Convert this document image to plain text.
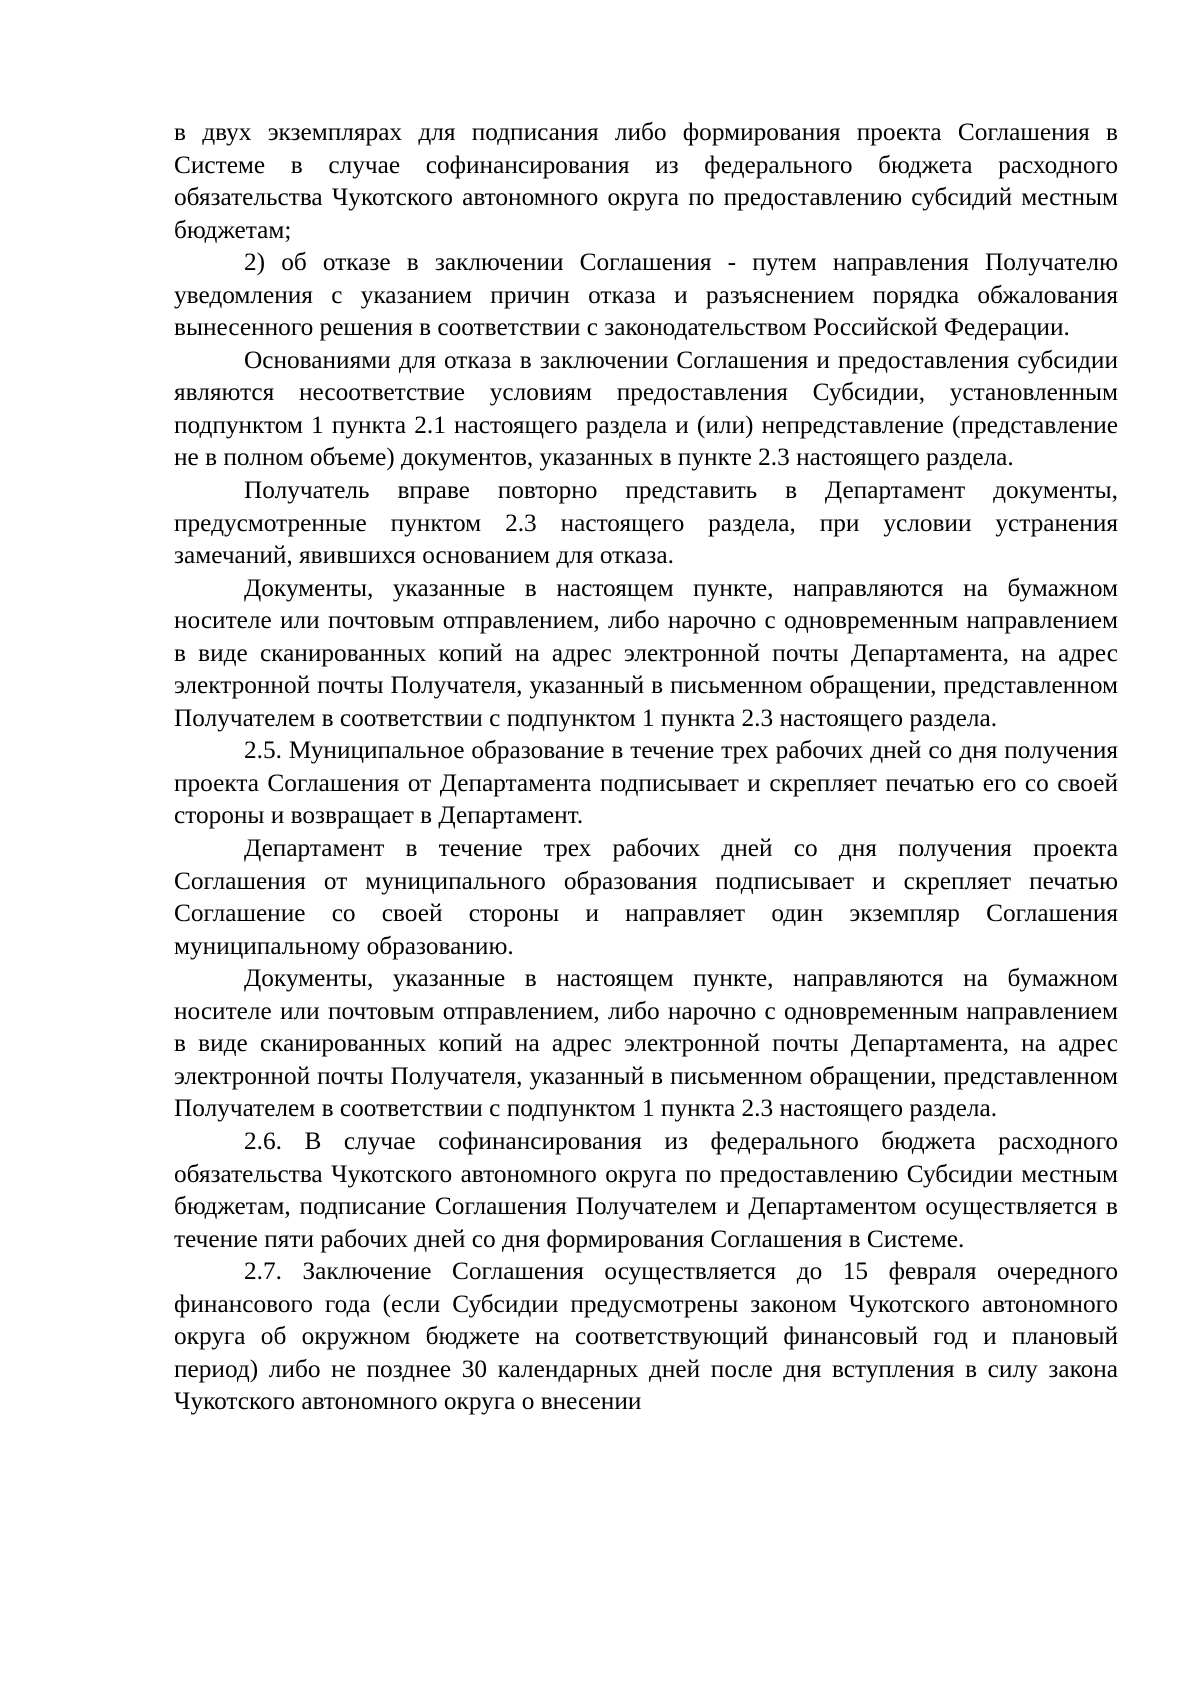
в двух экземплярах для подписания либо формирования проекта Соглашения в Системе в случае софинансирования из федерального бюджета расходного обязательства Чукотского автономного округа по предоставлению субсидий местным бюджетам;

2) об отказе в заключении Соглашения - путем направления Получателю уведомления с указанием причин отказа и разъяснением порядка обжалования вынесенного решения в соответствии с законодательством Российской Федерации.

Основаниями для отказа в заключении Соглашения и предоставления субсидии являются несоответствие условиям предоставления Субсидии, установленным подпунктом 1 пункта 2.1 настоящего раздела и (или) непредставление (представление не в полном объеме) документов, указанных в пункте 2.3 настоящего раздела.

Получатель вправе повторно представить в Департамент документы, предусмотренные пунктом 2.3 настоящего раздела, при условии устранения замечаний, явившихся основанием для отказа.

Документы, указанные в настоящем пункте, направляются на бумажном носителе или почтовым отправлением, либо нарочно с одновременным направлением в виде сканированных копий на адрес электронной почты Департамента, на адрес электронной почты Получателя, указанный в письменном обращении, представленном Получателем в соответствии с подпунктом 1 пункта 2.3 настоящего раздела.

2.5. Муниципальное образование в течение трех рабочих дней со дня получения проекта Соглашения от Департамента подписывает и скрепляет печатью его со своей стороны и возвращает в Департамент.

Департамент в течение трех рабочих дней со дня получения проекта Соглашения от муниципального образования подписывает и скрепляет печатью Соглашение со своей стороны и направляет один экземпляр Соглашения муниципальному образованию.

Документы, указанные в настоящем пункте, направляются на бумажном носителе или почтовым отправлением, либо нарочно с одновременным направлением в виде сканированных копий на адрес электронной почты Департамента, на адрес электронной почты Получателя, указанный в письменном обращении, представленном Получателем в соответствии с подпунктом 1 пункта 2.3 настоящего раздела.

2.6. В случае софинансирования из федерального бюджета расходного обязательства Чукотского автономного округа по предоставлению Субсидии местным бюджетам, подписание Соглашения Получателем и Департаментом осуществляется в течение пяти рабочих дней со дня формирования Соглашения в Системе.

2.7. Заключение Соглашения осуществляется до 15 февраля очередного финансового года (если Субсидии предусмотрены законом Чукотского автономного округа об окружном бюджете на соответствующий финансовый год и плановый период) либо не позднее 30 календарных дней после дня вступления в силу закона Чукотского автономного округа о внесении
